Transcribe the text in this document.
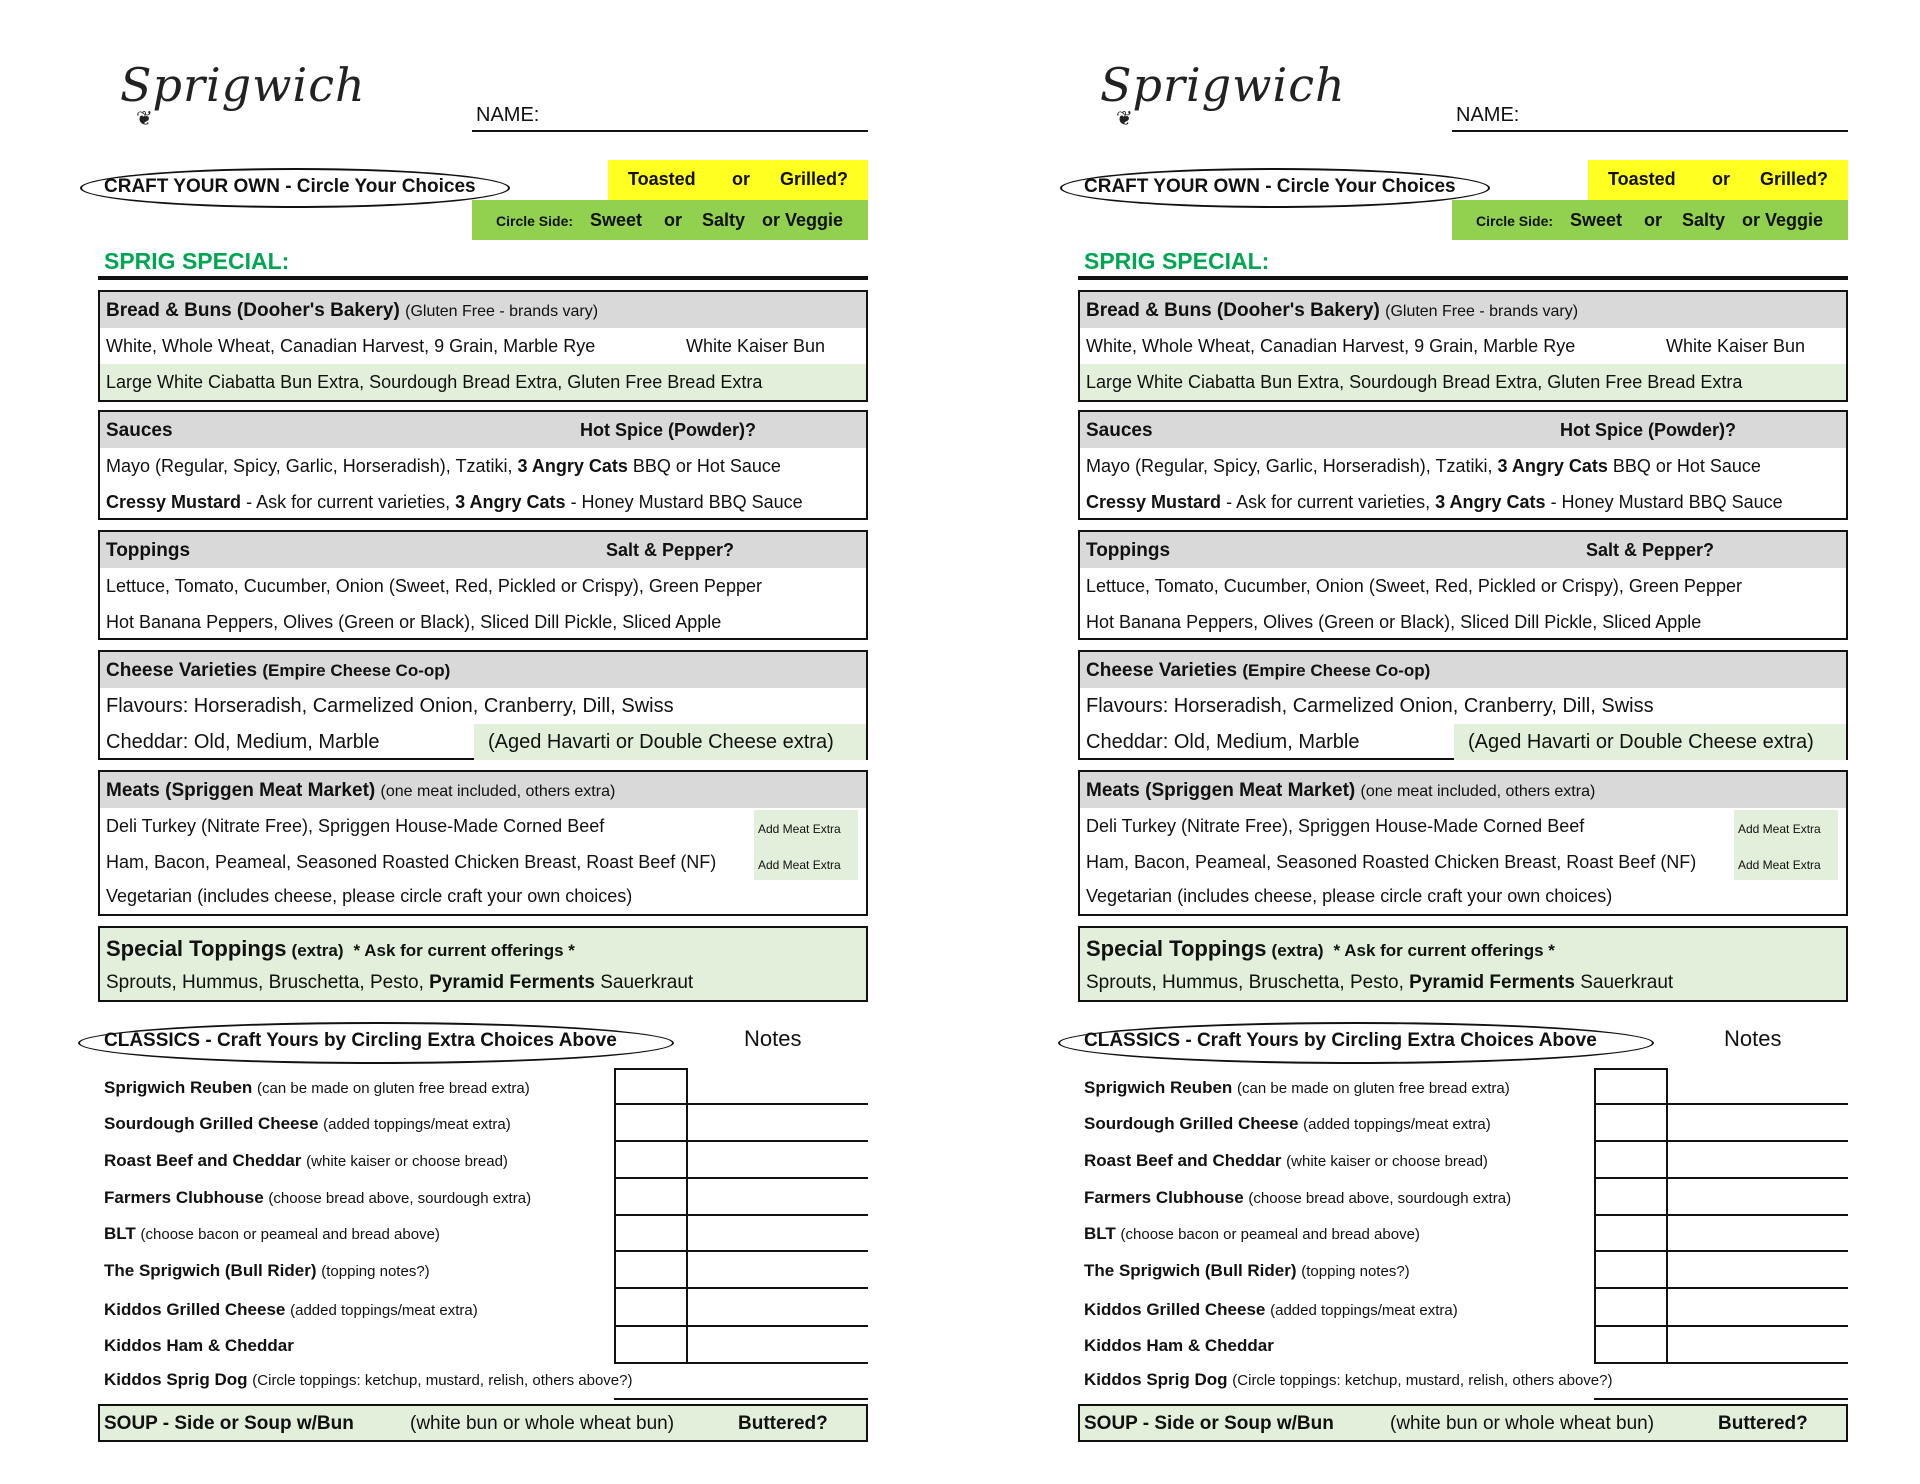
Sprigwich
❦	NAME:
CRAFT YOUR OWN - Circle Your Choices	Toasted or Grilled?
Circle Side: Sweet or Salty or Veggie
SPRIG SPECIAL:
Bread & Buns (Dooher's Bakery) (Gluten Free - brands vary)
White, Whole Wheat, Canadian Harvest, 9 Grain, Marble Rye	White Kaiser Bun
Large White Ciabatta Bun Extra, Sourdough Bread Extra, Gluten Free Bread Extra
Sauces	Hot Spice (Powder)?
Mayo (Regular, Spicy, Garlic, Horseradish), Tzatiki, 3 Angry Cats BBQ or Hot Sauce
Cressy Mustard - Ask for current varieties, 3 Angry Cats - Honey Mustard BBQ Sauce
Toppings	Salt & Pepper?
Lettuce, Tomato, Cucumber, Onion (Sweet, Red, Pickled or Crispy), Green Pepper
Hot Banana Peppers, Olives (Green or Black), Sliced Dill Pickle, Sliced Apple
Cheese Varieties (Empire Cheese Co-op)
Flavours: Horseradish, Carmelized Onion, Cranberry, Dill, Swiss
Cheddar: Old, Medium, Marble	(Aged Havarti or Double Cheese extra)
Meats (Spriggen Meat Market) (one meat included, others extra)
Deli Turkey (Nitrate Free), Spriggen House-Made Corned Beef	Add Meat Extra
Ham, Bacon, Peameal, Seasoned Roasted Chicken Breast, Roast Beef (NF)	Add Meat Extra
Vegetarian (includes cheese, please circle craft your own choices)
Special Toppings (extra) * Ask for current offerings *
Sprouts, Hummus, Bruschetta, Pesto, Pyramid Ferments Sauerkraut
CLASSICS - Craft Yours by Circling Extra Choices Above	Notes
Sprigwich Reuben (can be made on gluten free bread extra)
Sourdough Grilled Cheese (added toppings/meat extra)
Roast Beef and Cheddar (white kaiser or choose bread)
Farmers Clubhouse (choose bread above, sourdough extra)
BLT (choose bacon or peameal and bread above)
The Sprigwich (Bull Rider) (topping notes?)
Kiddos Grilled Cheese (added toppings/meat extra)
Kiddos Ham & Cheddar
Kiddos Sprig Dog (Circle toppings: ketchup, mustard, relish, others above?)
SOUP - Side or Soup w/Bun	(white bun or whole wheat bun)	Buttered?
Sprigwich
❦	NAME:
CRAFT YOUR OWN - Circle Your Choices	Toasted or Grilled?
Circle Side: Sweet or Salty or Veggie
SPRIG SPECIAL:
Bread & Buns (Dooher's Bakery) (Gluten Free - brands vary)
White, Whole Wheat, Canadian Harvest, 9 Grain, Marble Rye	White Kaiser Bun
Large White Ciabatta Bun Extra, Sourdough Bread Extra, Gluten Free Bread Extra
Sauces	Hot Spice (Powder)?
Mayo (Regular, Spicy, Garlic, Horseradish), Tzatiki, 3 Angry Cats BBQ or Hot Sauce
Cressy Mustard - Ask for current varieties, 3 Angry Cats - Honey Mustard BBQ Sauce
Toppings	Salt & Pepper?
Lettuce, Tomato, Cucumber, Onion (Sweet, Red, Pickled or Crispy), Green Pepper
Hot Banana Peppers, Olives (Green or Black), Sliced Dill Pickle, Sliced Apple
Cheese Varieties (Empire Cheese Co-op)
Flavours: Horseradish, Carmelized Onion, Cranberry, Dill, Swiss
Cheddar: Old, Medium, Marble	(Aged Havarti or Double Cheese extra)
Meats (Spriggen Meat Market) (one meat included, others extra)
Deli Turkey (Nitrate Free), Spriggen House-Made Corned Beef	Add Meat Extra
Ham, Bacon, Peameal, Seasoned Roasted Chicken Breast, Roast Beef (NF)	Add Meat Extra
Vegetarian (includes cheese, please circle craft your own choices)
Special Toppings (extra) * Ask for current offerings *
Sprouts, Hummus, Bruschetta, Pesto, Pyramid Ferments Sauerkraut
CLASSICS - Craft Yours by Circling Extra Choices Above	Notes
Sprigwich Reuben (can be made on gluten free bread extra)
Sourdough Grilled Cheese (added toppings/meat extra)
Roast Beef and Cheddar (white kaiser or choose bread)
Farmers Clubhouse (choose bread above, sourdough extra)
BLT (choose bacon or peameal and bread above)
The Sprigwich (Bull Rider) (topping notes?)
Kiddos Grilled Cheese (added toppings/meat extra)
Kiddos Ham & Cheddar
Kiddos Sprig Dog (Circle toppings: ketchup, mustard, relish, others above?)
SOUP - Side or Soup w/Bun	(white bun or whole wheat bun)	Buttered?
